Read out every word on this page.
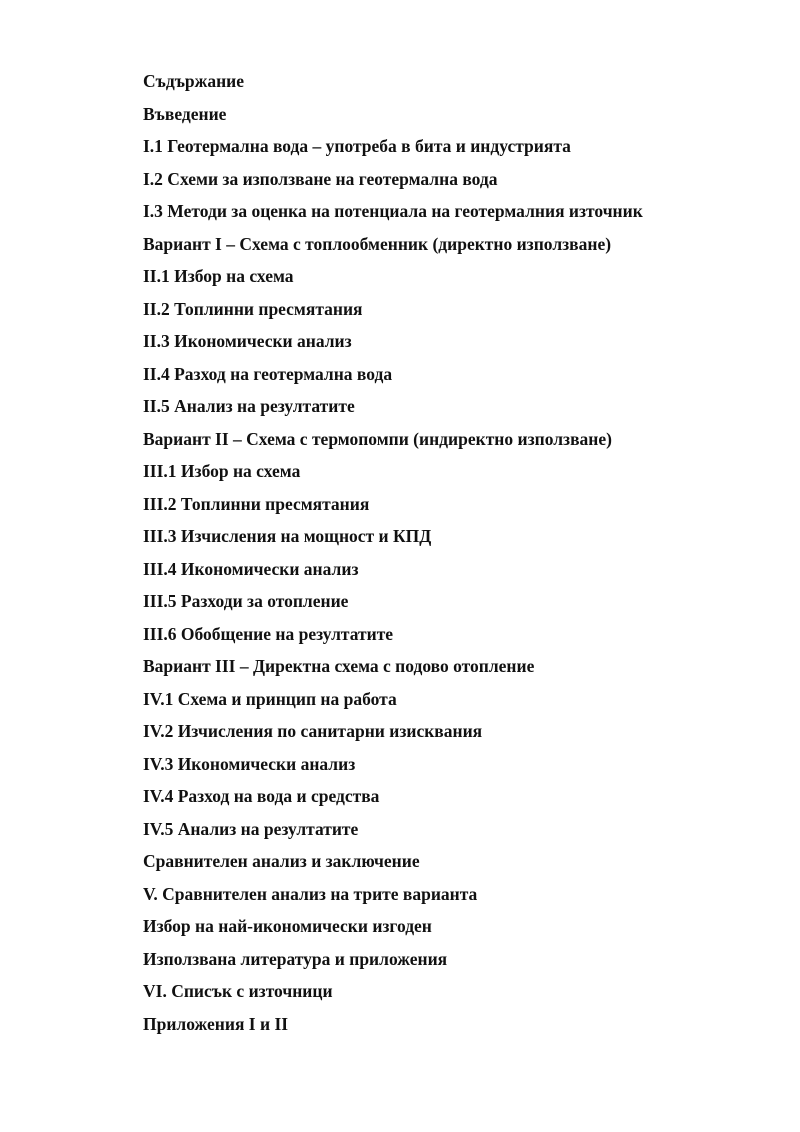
Съдържание
Въведение
I.1 Геотермална вода – употреба в бита и индустрията
I.2 Схеми за използване на геотермална вода
I.3 Методи за оценка на потенциала на геотермалния източник
Вариант I – Схема с топлообменник (директно използване)
II.1 Избор на схема
II.2 Топлинни пресмятания
II.3 Икономически анализ
II.4 Разход на геотермална вода
II.5 Анализ на резултатите
Вариант II – Схема с термопомпи (индиректно използване)
III.1 Избор на схема
III.2 Топлинни пресмятания
III.3 Изчисления на мощност и КПД
III.4 Икономически анализ
III.5 Разходи за отопление
III.6 Обобщение на резултатите
Вариант III – Директна схема с подово отопление
IV.1 Схема и принцип на работа
IV.2 Изчисления по санитарни изисквания
IV.3 Икономически анализ
IV.4 Разход на вода и средства
IV.5 Анализ на резултатите
Сравнителен анализ и заключение
V. Сравнителен анализ на трите варианта
Избор на най-икономически изгоден
Използвана литература и приложения
VI. Списък с източници
Приложения I и II
